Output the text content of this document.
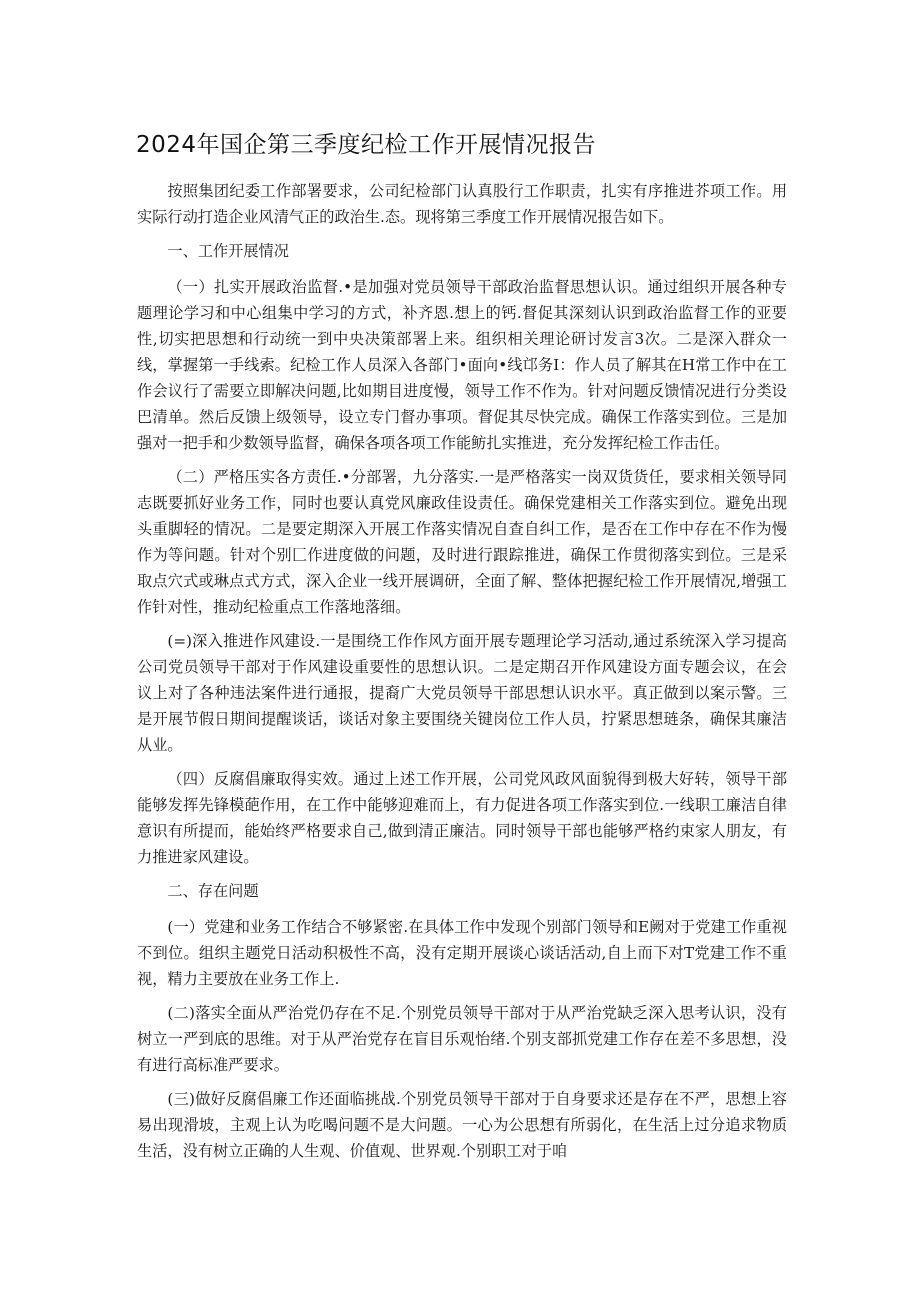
2024年国企第三季度纪检工作开展情况报告

按照集团纪委工作部署要求，公司纪检部门认真股行工作职责，扎实有序推进芥项工作。用实际行动打造企业风清气正的政治生.态。现将第三季度工作开展情况报告如下。

一、工作开展情况

（一）扎实开展政治监督.•是加强对党员领导干部政治监督思想认识。通过组织开展各种专题理论学习和中心组集中学习的方式，补齐恩.想上的钙.督促其深刻认识到政治监督工作的亚要性,切实把思想和行动统一到中央决策部署上来。组织相关理论研讨发言3次。二是深入群众一线，掌握第一手线索。纪检工作人员深入各部门•面向•线邙务I：作人员了解其在H常工作中在工作会议行了需要立即解决问题,比如期目进度慢，领导工作不作为。针对问题反馈情况进行分类设巴清单。然后反馈上级领导，设立专门督办事项。督促其尽快完成。确保工作落实到位。三是加强对一把手和少数领导监督，确保各项各项工作能鲂扎实推进，充分发挥纪检工作击任。

（二）严格压实各方责任.•分部署，九分落实.一是严格落实一岗双货货任，要求相关领导同志既要抓好业务工作，同时也要认真党风廉政佳设责任。确保党建相关工作落实到位。避免出现头重脚轻的情况。二是要定期深入开展工作落实情况自查自纠工作，是否在工作中存在不作为慢作为等问题。针对个别匚作进度做的问题，及时进行跟踪推进，确保工作贯彻落实到位。三是采取点穴式或琳点式方式，深入企业一线开展调研，全面了解、整体把握纪检工作开展情况,增强工作针对性，推动纪检重点工作落地落细。

(=)深入推进作风建设.一是围绕工作作风方面开展专题理论学习活动,通过系统深入学习提高公司党员领导干部对于作风建设重要性的思想认识。二是定期召开作风建设方面专题会议，在会议上对了各种违法案件进行通报，提裔广大党员领导干部思想认识水平。真正做到以案示警。三是开展节假日期间提醒谈话，谈话对象主要围绕关键岗位工作人员，拧紧思想琏条，确保其廉洁从业。

（四）反腐倡廉取得实效。通过上述工作开展，公司党风政风面貌得到极大好转，领导干部能够发挥先锋模葩作用，在工作中能够迎难而上，有力促进各项工作落实到位.一线职工廉洁自律意识有所提而，能始终严格要求自己,做到清正廉洁。同时领导干部也能够严格约束家人朋友，有力推进家风建设。

二、存在问题

(一）党建和业务工作结合不够紧密.在具体工作中发现个别部门领导和E阙对于党建工作重视不到位。组织主题党日活动积极性不高，没有定期开展谈心谈话活动,自上而下对T党建工作不重视，精力主要放在业务工作上.

(二)落实全面从严治党仍存在不足.个别党员领导干部对于从严治党缺乏深入思考认识，没有树立一严到底的思维。对于从严治党存在盲目乐观怡绪.个别支部抓党建工作存在差不多思想，没有进行高标准严要求。

(三)做好反腐倡廉工作还面临挑战.个别党员领导干部对于自身要求还是存在不严，思想上容易出现滑坡，主观上认为吃喝问题不是大问题。一心为公思想有所弱化，在生活上过分追求物质生活，没有树立正确的人生观、价值观、世界观.个别职工对于咱
